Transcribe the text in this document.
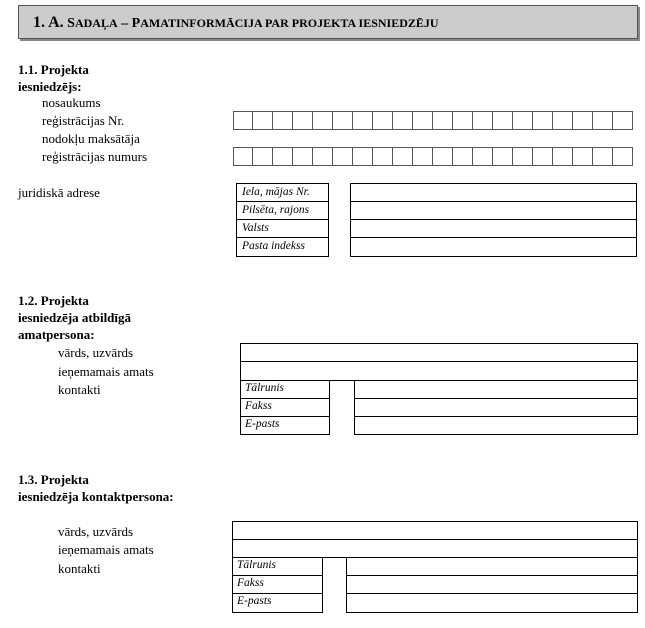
1. A. SADAĻA – PAMATINFORMĀCIJA PAR PROJEKTA IESNIEDZĒJU
1.1. Projekta
iesniedzējs:
nosaukums
reģistrācijas Nr.
nodokļu maksātāja
reģistrācijas numurs
juridiskā adrese	Iela, mājas Nr.
Pilsēta, rajons
Valsts
Pasta indekss
1.2. Projekta
iesniedzēja atbildīgā
amatpersona:
vārds, uzvārds
ieņemamais amats
kontakti	Tālrunis
Fakss
E-pasts
1.3. Projekta
iesniedzēja kontaktpersona:
vārds, uzvārds
ieņemamais amats
kontakti	Tālrunis
Fakss
E-pasts
